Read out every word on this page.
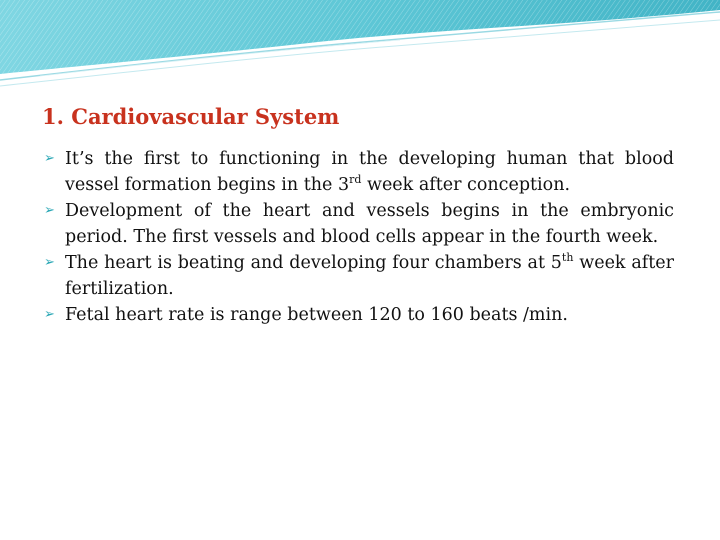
1. Cardiovascular System
➢ It’s the first to functioning in the developing human that blood vessel formation begins in the 3rd week after conception.
➢ Development of the heart and vessels begins in the embryonic period. The first vessels and blood cells appear in the fourth week.
➢ The heart is beating and developing four chambers at 5th week after fertilization.
➢ Fetal heart rate is range between 120 to 160 beats /min.
